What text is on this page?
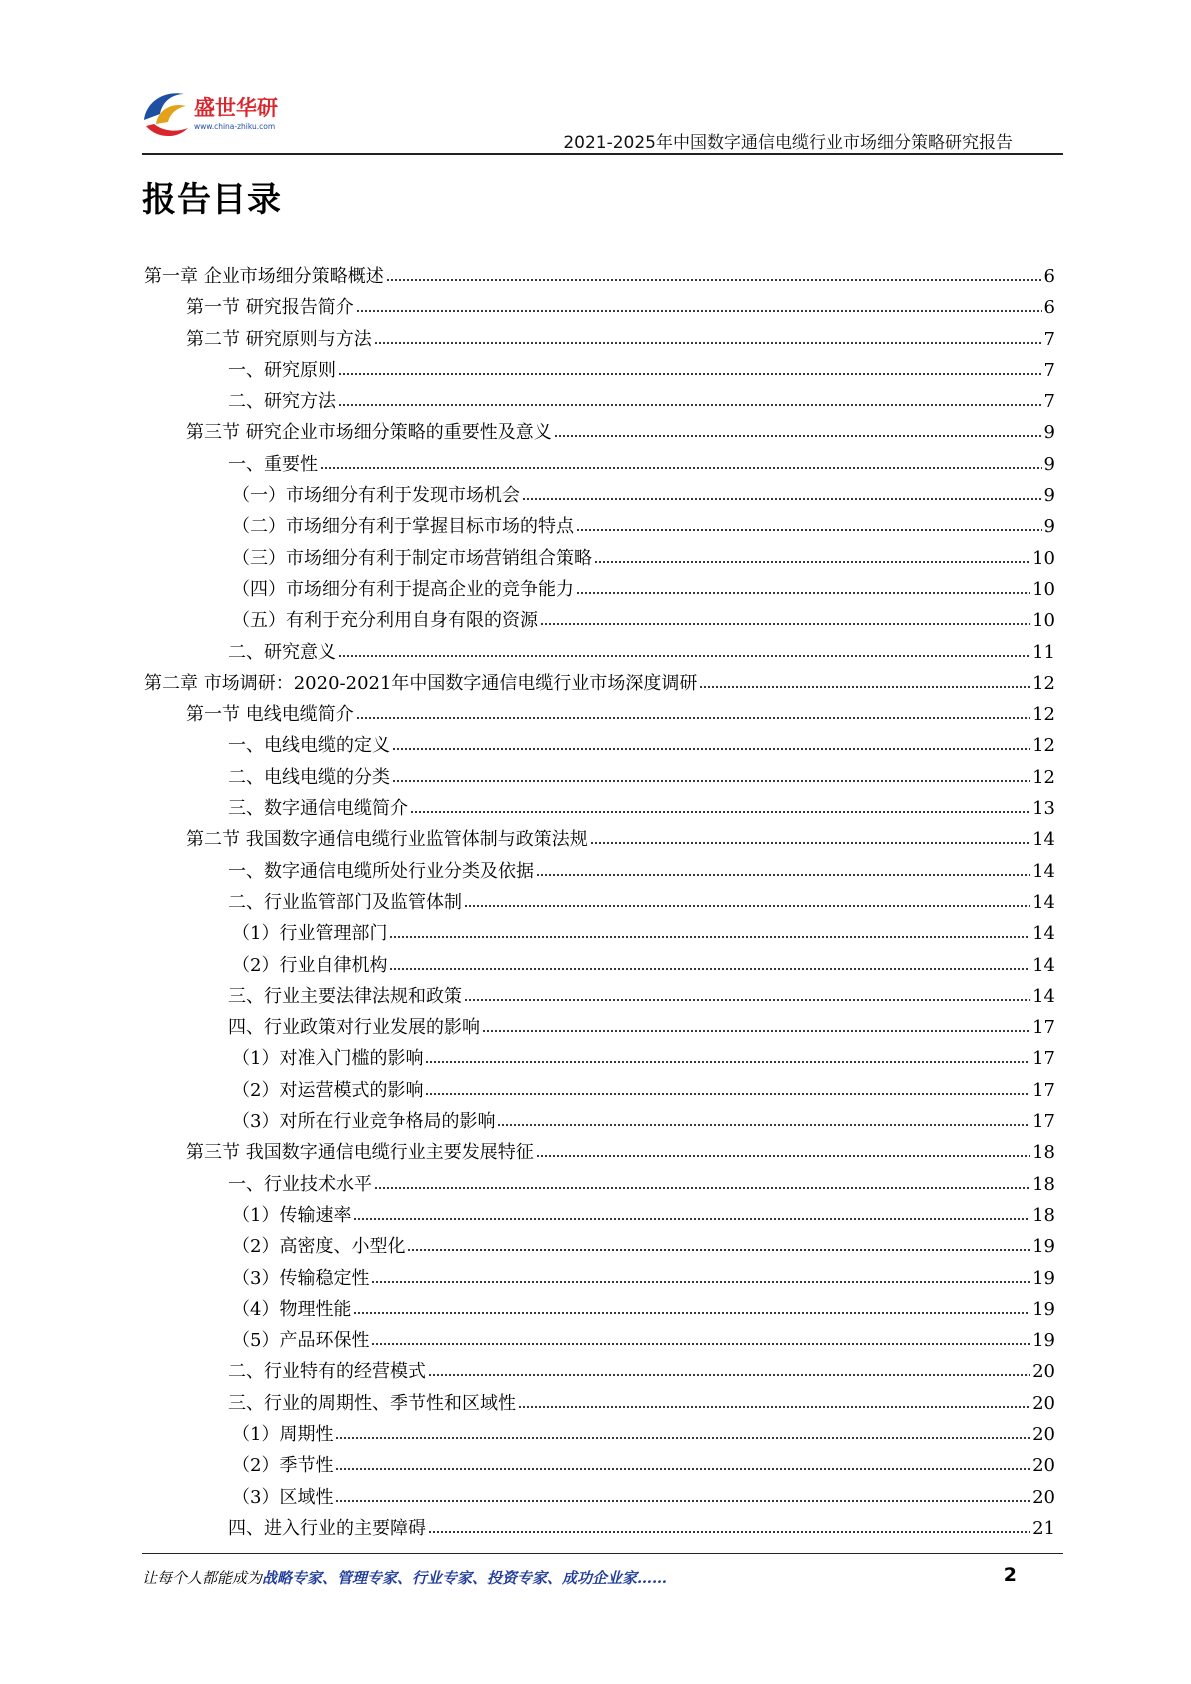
盛世华研
www.china-zhiku.com
2021-2025年中国数字通信电缆行业市场细分策略研究报告
报告目录
第一章 企业市场细分策略概述	6
第一节 研究报告简介	6
第二节 研究原则与方法	7
一、研究原则	7
二、研究方法	7
第三节 研究企业市场细分策略的重要性及意义	9
一、重要性	9
（一）市场细分有利于发现市场机会	9
（二）市场细分有利于掌握目标市场的特点	9
（三）市场细分有利于制定市场营销组合策略	10
（四）市场细分有利于提高企业的竞争能力	10
（五）有利于充分利用自身有限的资源	10
二、研究意义	11
第二章 市场调研：2020-2021年中国数字通信电缆行业市场深度调研	12
第一节 电线电缆简介	12
一、电线电缆的定义	12
二、电线电缆的分类	12
三、数字通信电缆简介	13
第二节 我国数字通信电缆行业监管体制与政策法规	14
一、数字通信电缆所处行业分类及依据	14
二、行业监管部门及监管体制	14
（1）行业管理部门	14
（2）行业自律机构	14
三、行业主要法律法规和政策	14
四、行业政策对行业发展的影响	17
（1）对准入门槛的影响	17
（2）对运营模式的影响	17
（3）对所在行业竞争格局的影响	17
第三节 我国数字通信电缆行业主要发展特征	18
一、行业技术水平	18
（1）传输速率	18
（2）高密度、小型化	19
（3）传输稳定性	19
（4）物理性能	19
（5）产品环保性	19
二、行业特有的经营模式	20
三、行业的周期性、季节性和区域性	20
（1）周期性	20
（2）季节性	20
（3）区域性	20
四、进入行业的主要障碍	21
让每个人都能成为战略专家、管理专家、行业专家、投资专家、成功企业家……	2
